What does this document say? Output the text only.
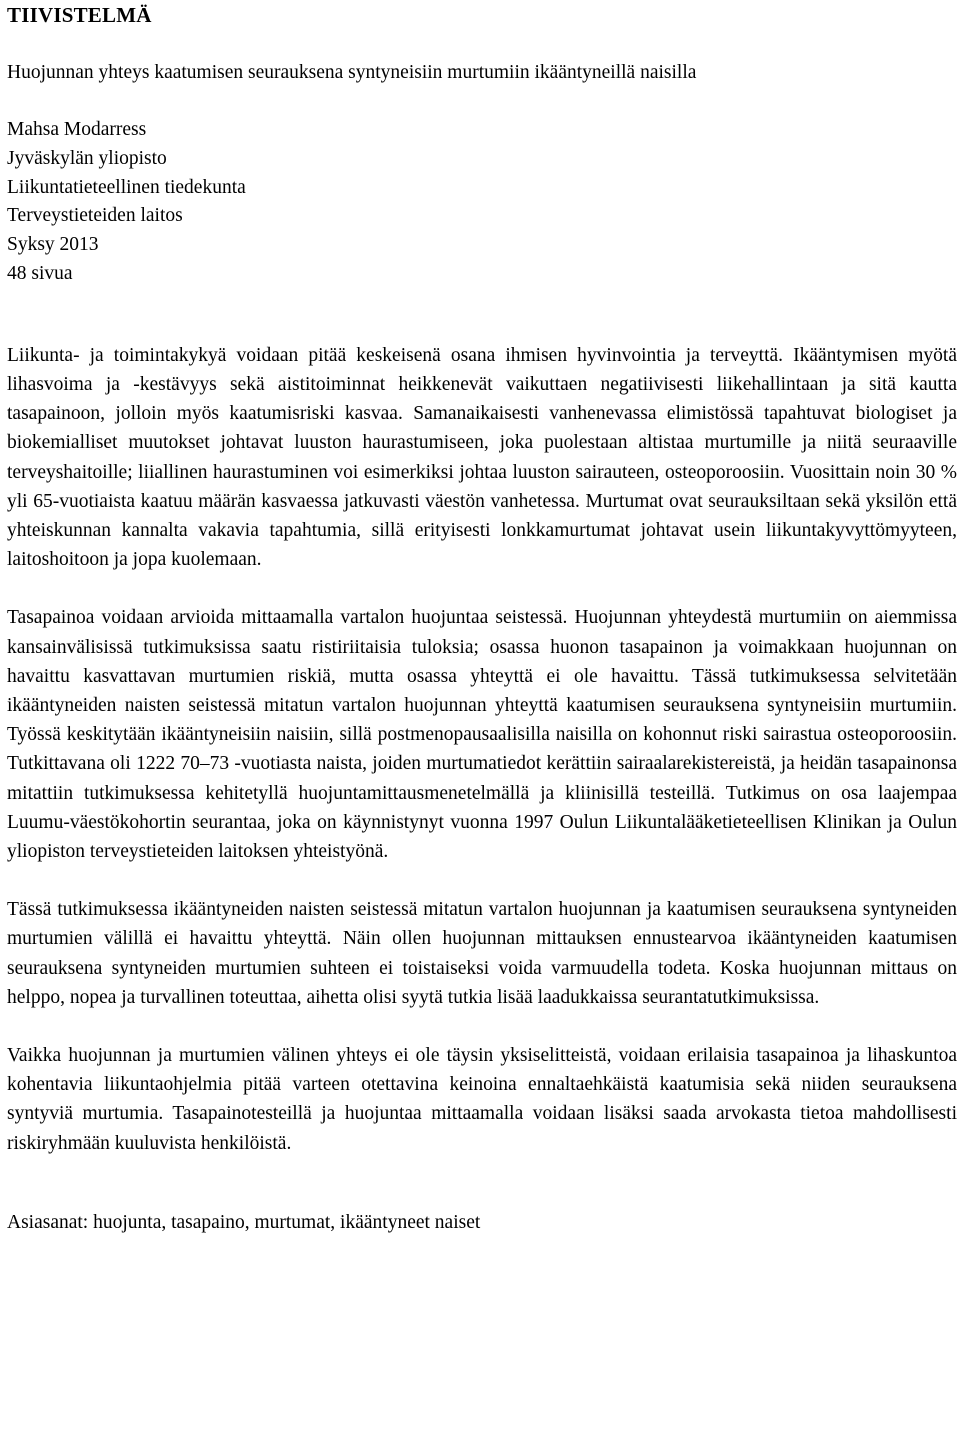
TIIVISTELMÄ
Huojunnan yhteys kaatumisen seurauksena syntyneisiin murtumiin ikääntyneillä naisilla
Mahsa Modarress
Jyväskylän yliopisto
Liikuntatieteellinen tiedekunta
Terveystieteiden laitos
Syksy 2013
48 sivua

Liikunta- ja toimintakykyä voidaan pitää keskeisenä osana ihmisen hyvinvointia ja terveyttä. Ikääntymisen myötä lihasvoima ja -kestävyys sekä aistitoiminnat heikkenevät vaikuttaen negatiivisesti liikehallintaan ja sitä kautta tasapainoon, jolloin myös kaatumisriski kasvaa. Samanaikaisesti vanhenevassa elimistössä tapahtuvat biologiset ja biokemialliset muutokset johtavat luuston haurastumiseen, joka puolestaan altistaa murtumille ja niitä seuraaville terveyshaitoille; liiallinen haurastuminen voi esimerkiksi johtaa luuston sairauteen, osteoporoosiin. Vuosittain noin 30 % yli 65-vuotiaista kaatuu määrän kasvaessa jatkuvasti väestön vanhetessa. Murtumat ovat seurauksiltaan sekä yksilön että yhteiskunnan kannalta vakavia tapahtumia, sillä erityisesti lonkkamurtumat johtavat usein liikuntakyvyttömyyteen, laitoshoitoon ja jopa kuolemaan.

Tasapainoa voidaan arvioida mittaamalla vartalon huojuntaa seistessä. Huojunnan yhteydestä murtumiin on aiemmissa kansainvälisissä tutkimuksissa saatu ristiriitaisia tuloksia; osassa huonon tasapainon ja voimakkaan huojunnan on havaittu kasvattavan murtumien riskiä, mutta osassa yhteyttä ei ole havaittu. Tässä tutkimuksessa selvitetään ikääntyneiden naisten seistessä mitatun vartalon huojunnan yhteyttä kaatumisen seurauksena syntyneisiin murtumiin. Työssä keskitytään ikääntyneisiin naisiin, sillä postmenopausaalisilla naisilla on kohonnut riski sairastua osteoporoosiin. Tutkittavana oli 1222 70–73 -vuotiasta naista, joiden murtumatiedot kerättiin sairaalarekistereistä, ja heidän tasapainonsa mitattiin tutkimuksessa kehitetyllä huojuntamittausmenetelmällä ja kliinisillä testeillä. Tutkimus on osa laajempaa Luumu-väestökohortin seurantaa, joka on käynnistynyt vuonna 1997 Oulun Liikuntalääketieteellisen Klinikan ja Oulun yliopiston terveystieteiden laitoksen yhteistyönä.

Tässä tutkimuksessa ikääntyneiden naisten seistessä mitatun vartalon huojunnan ja kaatumisen seurauksena syntyneiden murtumien välillä ei havaittu yhteyttä. Näin ollen huojunnan mittauksen ennustearvoa ikääntyneiden kaatumisen seurauksena syntyneiden murtumien suhteen ei toistaiseksi voida varmuudella todeta. Koska huojunnan mittaus on helppo, nopea ja turvallinen toteuttaa, aihetta olisi syytä tutkia lisää laadukkaissa seurantatutkimuksissa.

Vaikka huojunnan ja murtumien välinen yhteys ei ole täysin yksiselitteistä, voidaan erilaisia tasapainoa ja lihaskuntoa kohentavia liikuntaohjelmia pitää varteen otettavina keinoina ennaltaehkäistä kaatumisia sekä niiden seurauksena syntyviä murtumia. Tasapainotesteillä ja huojuntaa mittaamalla voidaan lisäksi saada arvokasta tietoa mahdollisesti riskiryhmään kuuluvista henkilöistä.

Asiasanat: huojunta, tasapaino, murtumat, ikääntyneet naiset
